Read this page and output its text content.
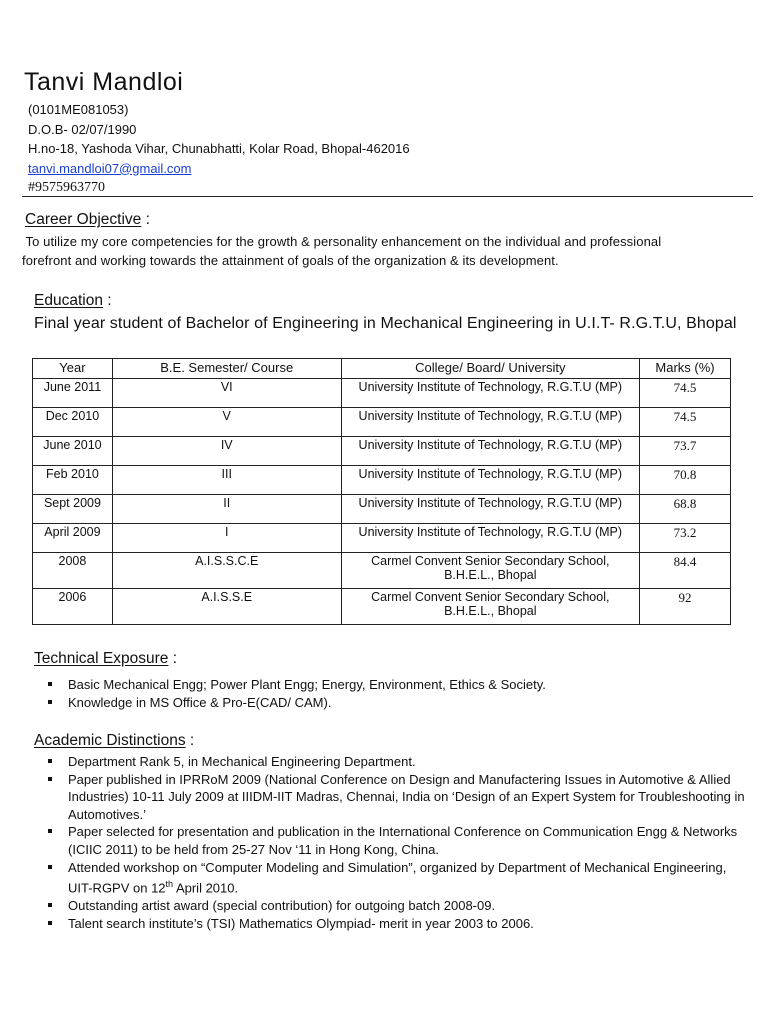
Tanvi Mandloi
(0101ME081053)
D.O.B- 02/07/1990
H.no-18, Yashoda Vihar, Chunabhatti, Kolar Road, Bhopal-462016
tanvi.mandloi07@gmail.com
#9575963770
Career Objective :
To utilize my core competencies for the growth & personality enhancement on the individual and professional
forefront and working towards the attainment of goals of the organization & its development.
Education :
Final year student of Bachelor of Engineering in Mechanical Engineering in U.I.T- R.G.T.U, Bhopal
Year	B.E. Semester/ Course	College/ Board/ University	Marks (%)
June 2011	VI	University Institute of Technology, R.G.T.U (MP)	74.5
Dec 2010	V	University Institute of Technology, R.G.T.U (MP)	74.5
June 2010	IV	University Institute of Technology, R.G.T.U (MP)	73.7
Feb 2010	III	University Institute of Technology, R.G.T.U (MP)	70.8
Sept 2009	II	University Institute of Technology, R.G.T.U (MP)	68.8
April 2009	I	University Institute of Technology, R.G.T.U (MP)	73.2
2008	A.I.S.S.C.E	Carmel Convent Senior Secondary School, B.H.E.L., Bhopal	84.4
2006	A.I.S.S.E	Carmel Convent Senior Secondary School, B.H.E.L., Bhopal	92
Technical Exposure :
Basic Mechanical Engg; Power Plant Engg; Energy, Environment, Ethics & Society.
Knowledge in MS Office & Pro-E(CAD/ CAM).
Academic Distinctions :
Department Rank 5, in Mechanical Engineering Department.
Paper published in IPRRoM 2009 (National Conference on Design and Manufactering Issues in Automotive & Allied Industries) 10-11 July 2009 at IIIDM-IIT Madras, Chennai, India on ‘Design of an Expert System for Troubleshooting in Automotives.’
Paper selected for presentation and publication in the International Conference on Communication Engg & Networks (ICIIC 2011) to be held from 25-27 Nov ‘11 in Hong Kong, China.
Attended workshop on “Computer Modeling and Simulation”, organized by Department of Mechanical Engineering, UIT-RGPV on 12th April 2010.
Outstanding artist award (special contribution) for outgoing batch 2008-09.
Talent search institute’s (TSI) Mathematics Olympiad- merit in year 2003 to 2006.
